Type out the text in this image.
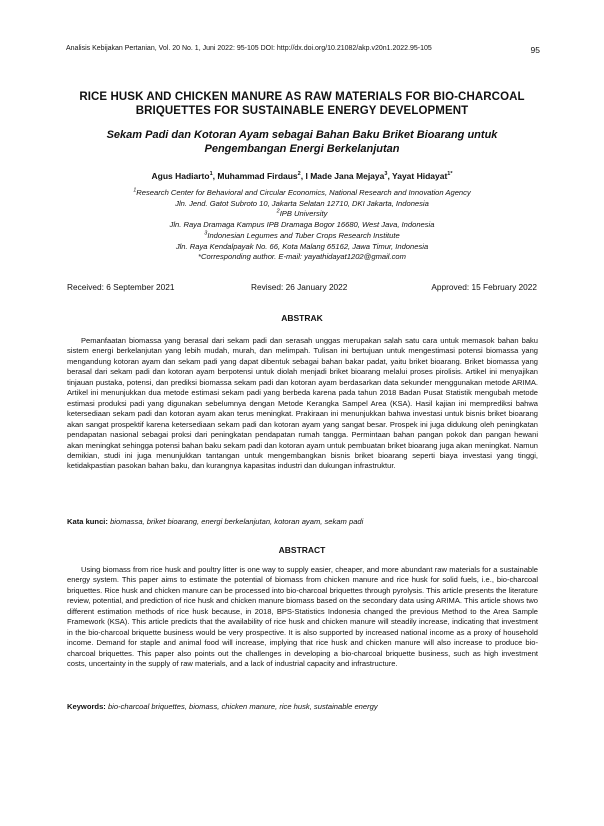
Analisis Kebijakan Pertanian, Vol. 20 No. 1, Juni 2022: 95-105 DOI: http://dx.doi.org/10.21082/akp.v20n1.2022.95-105	95
RICE HUSK AND CHICKEN MANURE AS RAW MATERIALS FOR BIO-CHARCOAL
BRIQUETTES FOR SUSTAINABLE ENERGY DEVELOPMENT
Sekam Padi dan Kotoran Ayam sebagai Bahan Baku Briket Bioarang untuk
Pengembangan Energi Berkelanjutan
Agus Hadiarto$^1$, Muhammad Firdaus$^2$, I Made Jana Mejaya$^3$, Yayat Hidayat$^{1*}$
$^1$Research Center for Behavioral and Circular Economics, National Research and Innovation Agency
Jln. Jend. Gatot Subroto 10, Jakarta Selatan 12710, DKI Jakarta, Indonesia
$^2$IPB University
Jln. Raya Dramaga Kampus IPB Dramaga Bogor 16680, West Java, Indonesia
$^3$Indonesian Legumes and Tuber Crops Research Institute
Jln. Raya Kendalpayak No. 66, Kota Malang 65162, Jawa Timur, Indonesia
*Corresponding author. E-mail: yayathidayat1202@gmail.com
Received: 6 September 2021	Revised: 26 January 2022	Approved: 15 February 2022
ABSTRAK

Pemanfaatan biomassa yang berasal dari sekam padi dan serasah unggas merupakan salah satu cara untuk memasok bahan baku sistem energi berkelanjutan yang lebih mudah, murah, dan melimpah. Tulisan ini bertujuan untuk mengestimasi potensi biomassa yang mengandung kotoran ayam dan sekam padi yang dapat dibentuk sebagai bahan bakar padat, yaitu briket bioarang. Briket biomassa yang berasal dari sekam padi dan kotoran ayam berpotensi untuk diolah menjadi briket bioarang melalui proses pirolisis. Artikel ini menyajikan tinjauan pustaka, potensi, dan prediksi biomassa sekam padi dan kotoran ayam berdasarkan data sekunder menggunakan metode ARIMA. Artikel ini menunjukkan dua metode estimasi sekam padi yang berbeda karena pada tahun 2018 Badan Pusat Statistik mengubah metode estimasi produksi padi yang digunakan sebelumnya dengan Metode Kerangka Sampel Area (KSA). Hasil kajian ini memprediksi bahwa ketersediaan sekam padi dan kotoran ayam akan terus meningkat. Prakiraan ini menunjukkan bahwa investasi untuk bisnis briket bioarang akan sangat prospektif karena ketersediaan sekam padi dan kotoran ayam yang sangat besar. Prospek ini juga didukung oleh peningkatan pendapatan nasional sebagai proksi dari peningkatan pendapatan rumah tangga. Permintaan bahan pangan pokok dan pangan hewani akan meningkat sehingga potensi bahan baku sekam padi dan kotoran ayam untuk pembuatan briket bioarang juga akan meningkat. Namun demikian, studi ini juga menunjukkan tantangan untuk mengembangkan bisnis briket bioarang seperti biaya investasi yang tinggi, ketidakpastian pasokan bahan baku, dan kurangnya kapasitas industri dan dukungan infrastruktur.

Kata kunci: biomassa, briket bioarang, energi berkelanjutan, kotoran ayam, sekam padi
ABSTRACT

Using biomass from rice husk and poultry litter is one way to supply easier, cheaper, and more abundant raw materials for a sustainable energy system. This paper aims to estimate the potential of biomass from chicken manure and rice husk for solid fuels, i.e., bio-charcoal briquettes. Rice husk and chicken manure can be processed into bio-charcoal briquettes through pyrolysis. This article presents the literature review, potential, and prediction of rice husk and chicken manure biomass based on the secondary data using ARIMA. This article shows two different estimation methods of rice husk because, in 2018, BPS-Statistics Indonesia changed the previous Method to the Area Sample Framework (KSA). This article predicts that the availability of rice husk and chicken manure will steadily increase, indicating that investment in the bio-charcoal briquette business would be very prospective. It is also supported by increased national income as a proxy of household income. Demand for staple and animal food will increase, implying that rice husk and chicken manure will also increase to produce bio-charcoal briquettes. This paper also points out the challenges in developing a bio-charcoal briquette business, such as high investment costs, uncertainty in the supply of raw materials, and a lack of industrial capacity and infrastructure.

Keywords: bio-charcoal briquettes, biomass, chicken manure, rice husk, sustainable energy
